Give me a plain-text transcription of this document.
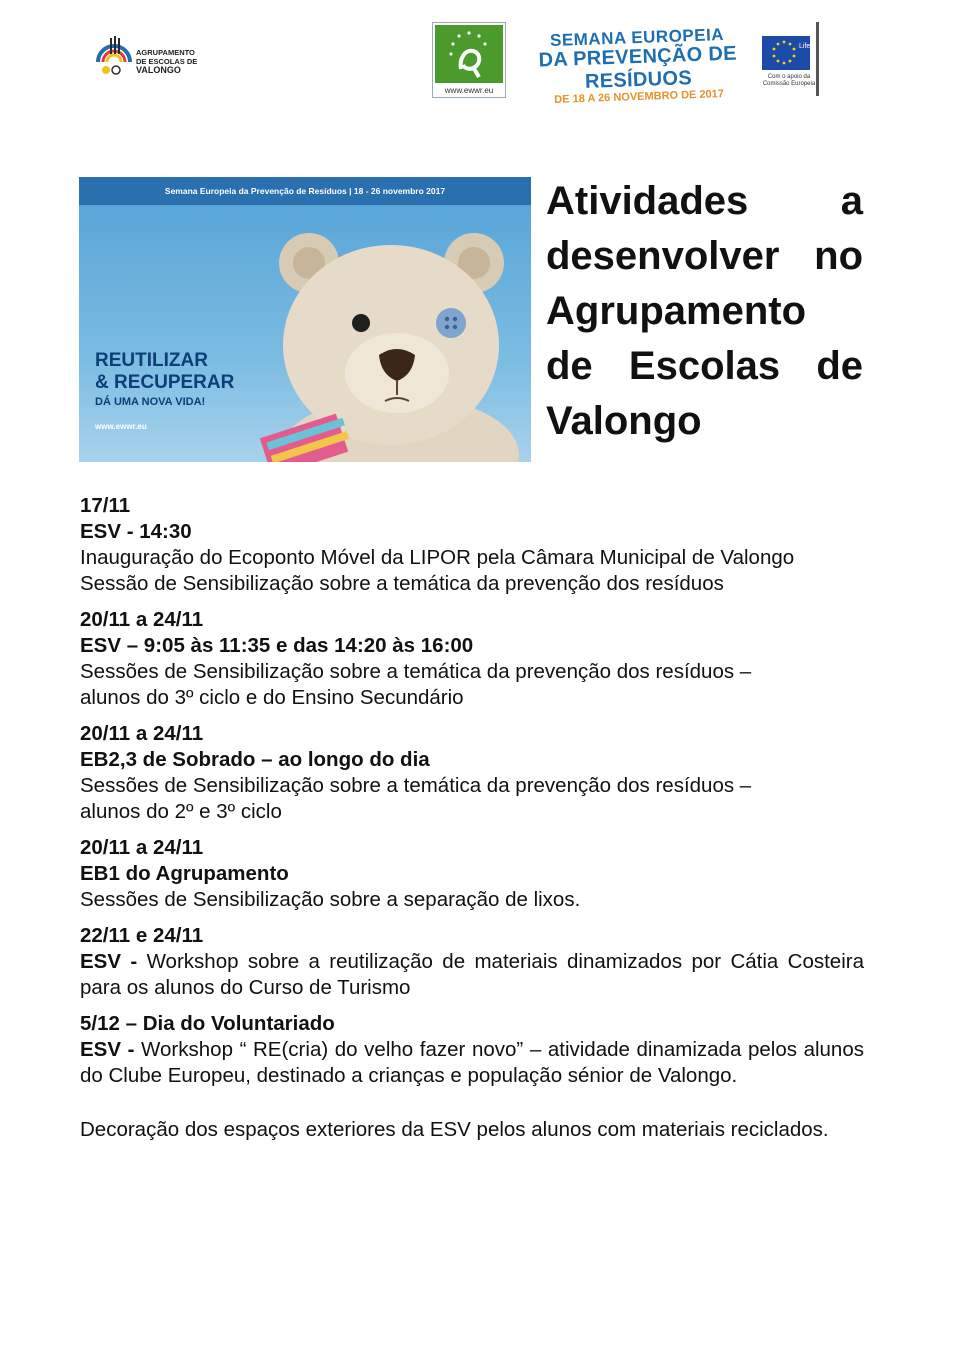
AGRUPAMENTO
DE ESCOLAS DE
VALONGO
www.ewwr.eu
SEMANA EUROPEIA
DA PREVENÇÃO DE RESÍDUOS
DE 18 A 26 NOVEMBRO DE 2017
Life
Com o apoio da Comissão Europeia
Semana Europeia da Prevenção de Resíduos | 18 - 26 novembro 2017
REUTILIZAR
& RECUPERAR
DÁ UMA NOVA VIDA!
www.ewwr.eu
Atividades a
desenvolver no
Agrupamento
de Escolas de
Valongo
17/11
ESV - 14:30
Inauguração do Ecoponto Móvel da LIPOR pela Câmara Municipal de Valongo
Sessão de Sensibilização sobre a temática da prevenção dos resíduos
20/11 a 24/11
ESV – 9:05 às 11:35 e das 14:20 às 16:00
Sessões de Sensibilização sobre a temática da prevenção dos resíduos –
alunos do 3º ciclo e do Ensino Secundário
20/11 a 24/11
EB2,3 de Sobrado – ao longo do dia
Sessões de Sensibilização sobre a temática da prevenção dos resíduos –
alunos do 2º e 3º ciclo
20/11 a 24/11
EB1 do Agrupamento
Sessões de Sensibilização sobre a separação de lixos.
22/11 e 24/11
ESV - Workshop sobre a reutilização de materiais dinamizados por Cátia Costeira para os alunos do Curso de Turismo
5/12 – Dia do Voluntariado
ESV - Workshop “ RE(cria) do velho fazer novo” – atividade dinamizada pelos alunos do Clube Europeu, destinado a crianças e população sénior de Valongo.
Decoração dos espaços exteriores da ESV pelos alunos com materiais reciclados.
